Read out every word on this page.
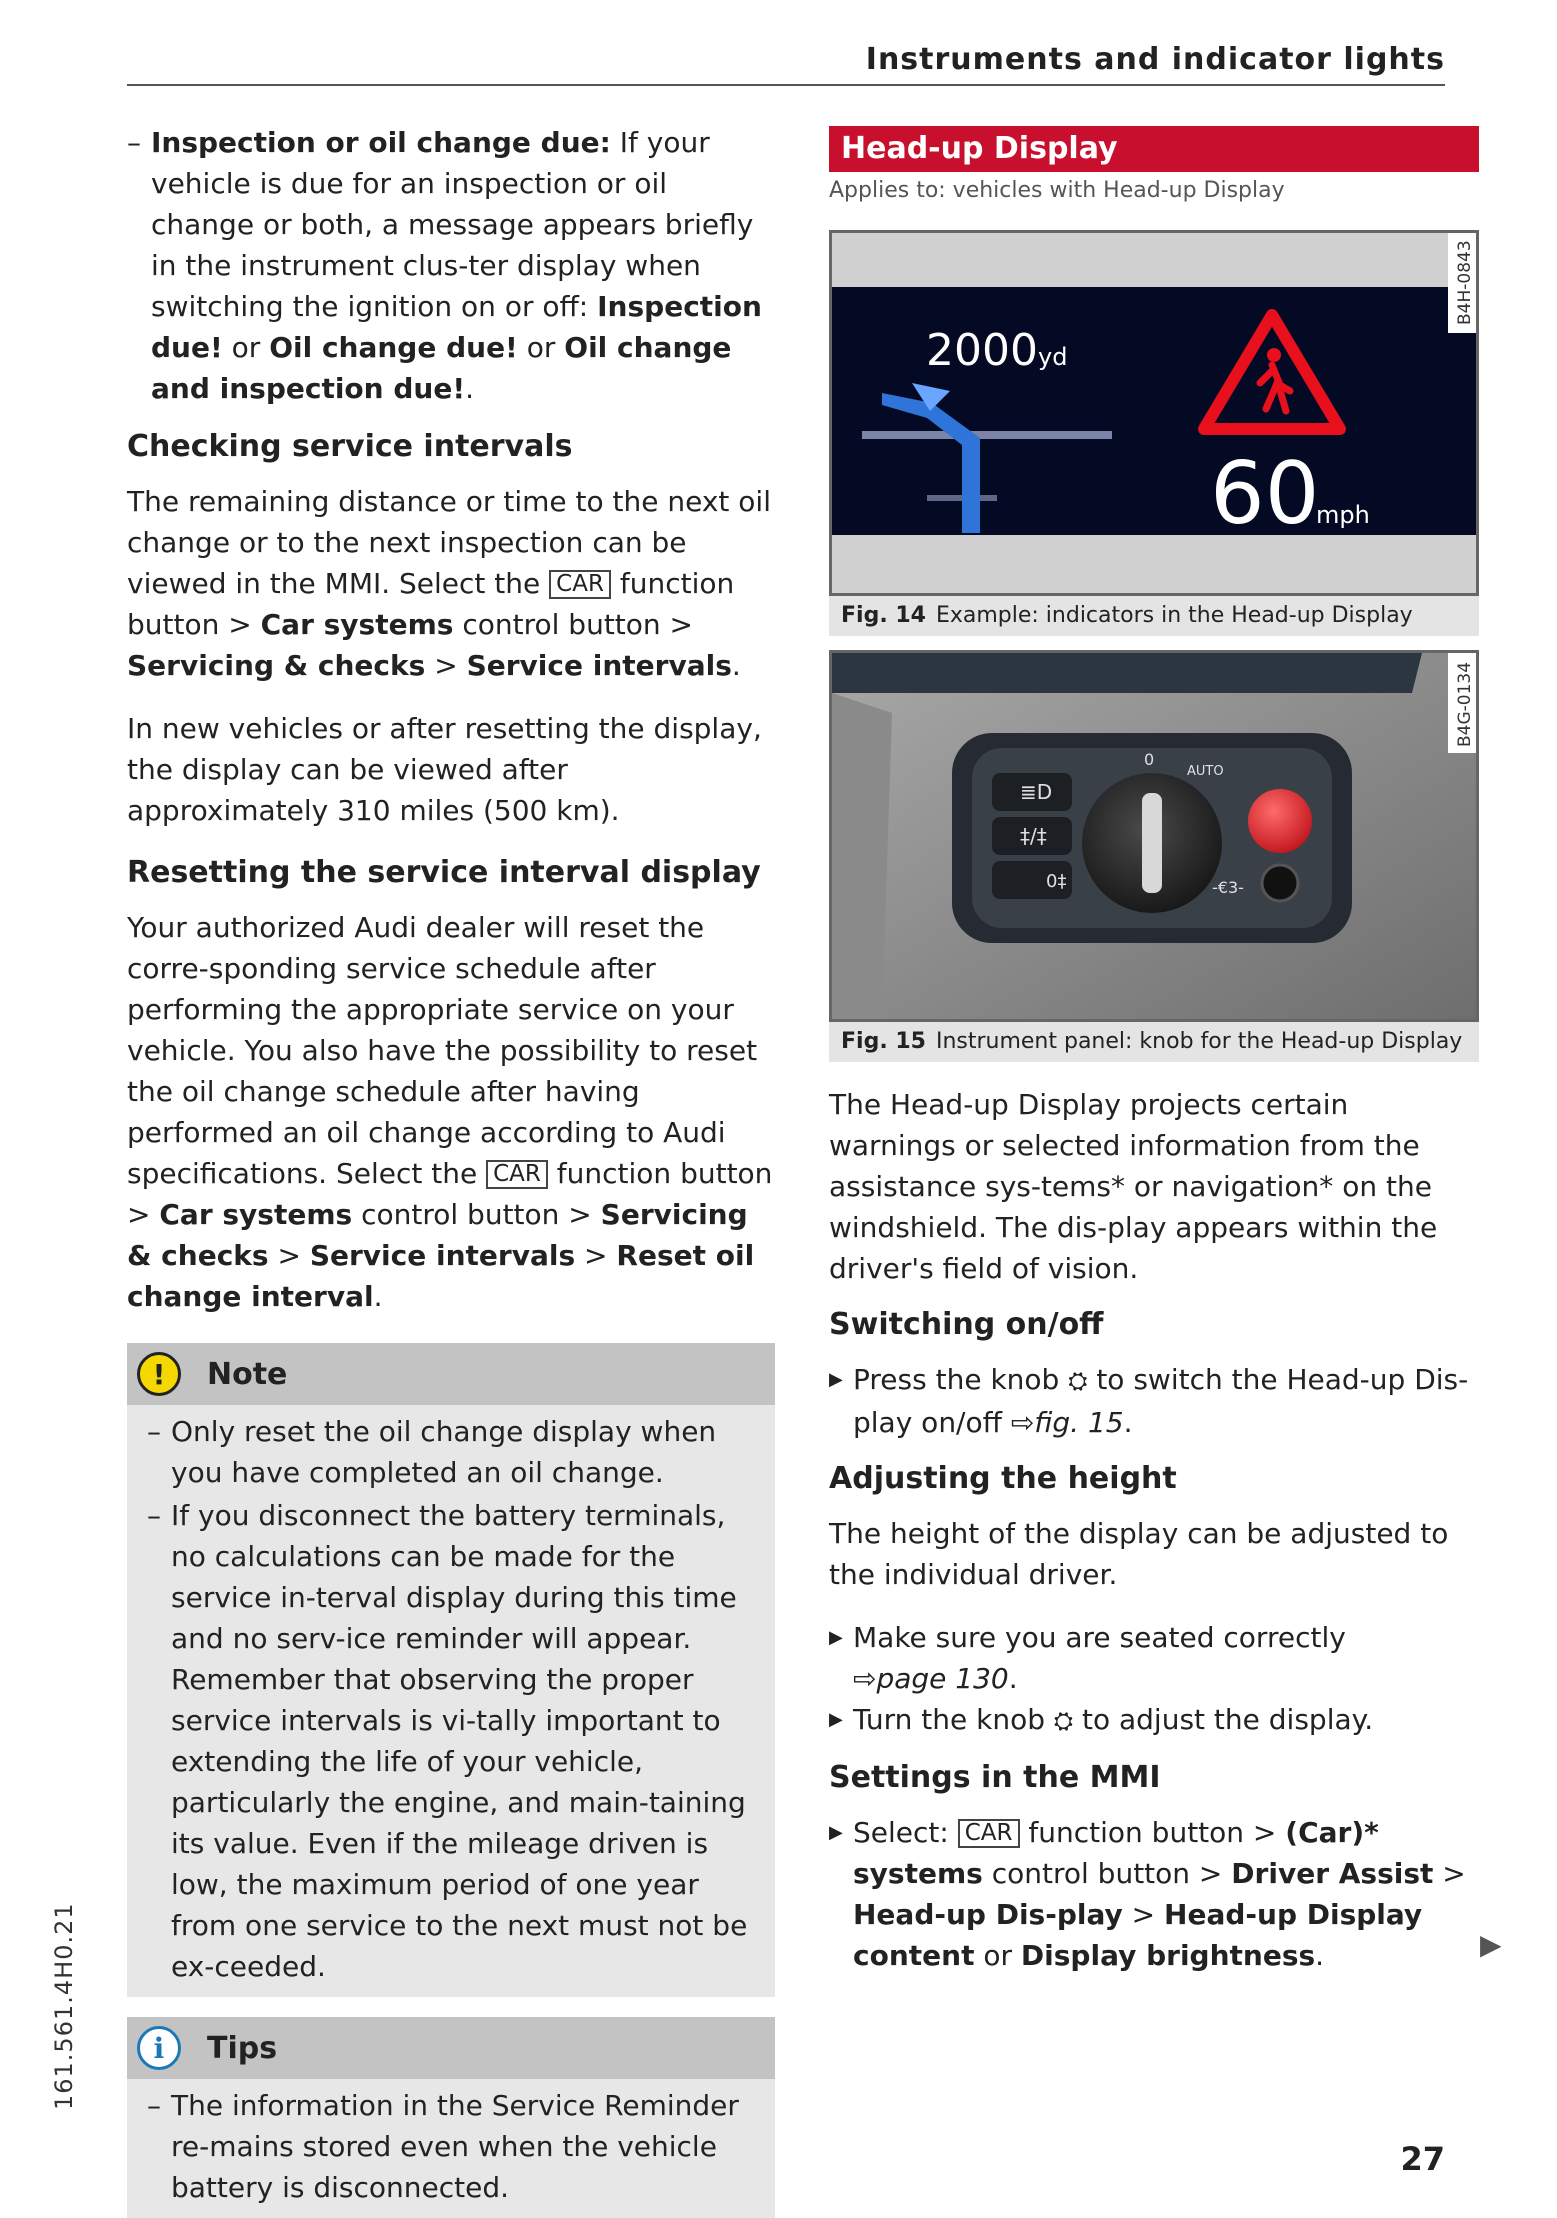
Instruments and indicator lights
– Inspection or oil change due: If your vehicle is due for an inspection or oil change or both, a message appears briefly in the instrument clus-ter display when switching the ignition on or off: Inspection due! or Oil change due! or Oil change and inspection due!.
Checking service intervals

The remaining distance or time to the next oil change or to the next inspection can be viewed in the MMI. Select the CAR function button > Car systems control button > Servicing & checks > Service intervals.

In new vehicles or after resetting the display, the display can be viewed after approximately 310 miles (500 km).

Resetting the service interval display

Your authorized Audi dealer will reset the corre-sponding service schedule after performing the appropriate service on your vehicle. You also have the possibility to reset the oil change schedule after having performed an oil change according to Audi specifications. Select the CAR function button > Car systems control button > Servicing & checks > Service intervals > Reset oil change interval.

!	Note
– Only reset the oil change display when you have completed an oil change.
– If you disconnect the battery terminals, no calculations can be made for the service in-terval display during this time and no serv-ice reminder will appear. Remember that observing the proper service intervals is vi-tally important to extending the life of your vehicle, particularly the engine, and main-taining its value. Even if the mileage driven is low, the maximum period of one year from one service to the next must not be ex-ceeded.
i	Tips
– The information in the Service Reminder re-mains stored even when the vehicle battery is disconnected.
Head-up Display
Applies to: vehicles with Head-up Display
2000 yd
60
mph
B4H-0843
Fig. 14 Example: indicators in the Head-up Display
≣D
‡/‡
0‡
0
AUTO
-€3-
B4G-0134
Fig. 15 Instrument panel: knob for the Head-up Display

The Head-up Display projects certain warnings or selected information from the assistance sys-tems* or navigation* on the windshield. The dis-play appears within the driver's field of vision.

Switching on/off
▶ Press the knob ⛭ to switch the Head-up Dis-play on/off ⇨fig. 15.
Adjusting the height

The height of the display can be adjusted to the individual driver.

▶ Make sure you are seated correctly
⇨page 130.
▶ Turn the knob ⛭ to adjust the display.
Settings in the MMI
▶ Select: CAR function button > (Car)* systems control button > Driver Assist > Head-up Dis-play > Head-up Display content or Display brightness.
161.561.4H0.21	▶
27
